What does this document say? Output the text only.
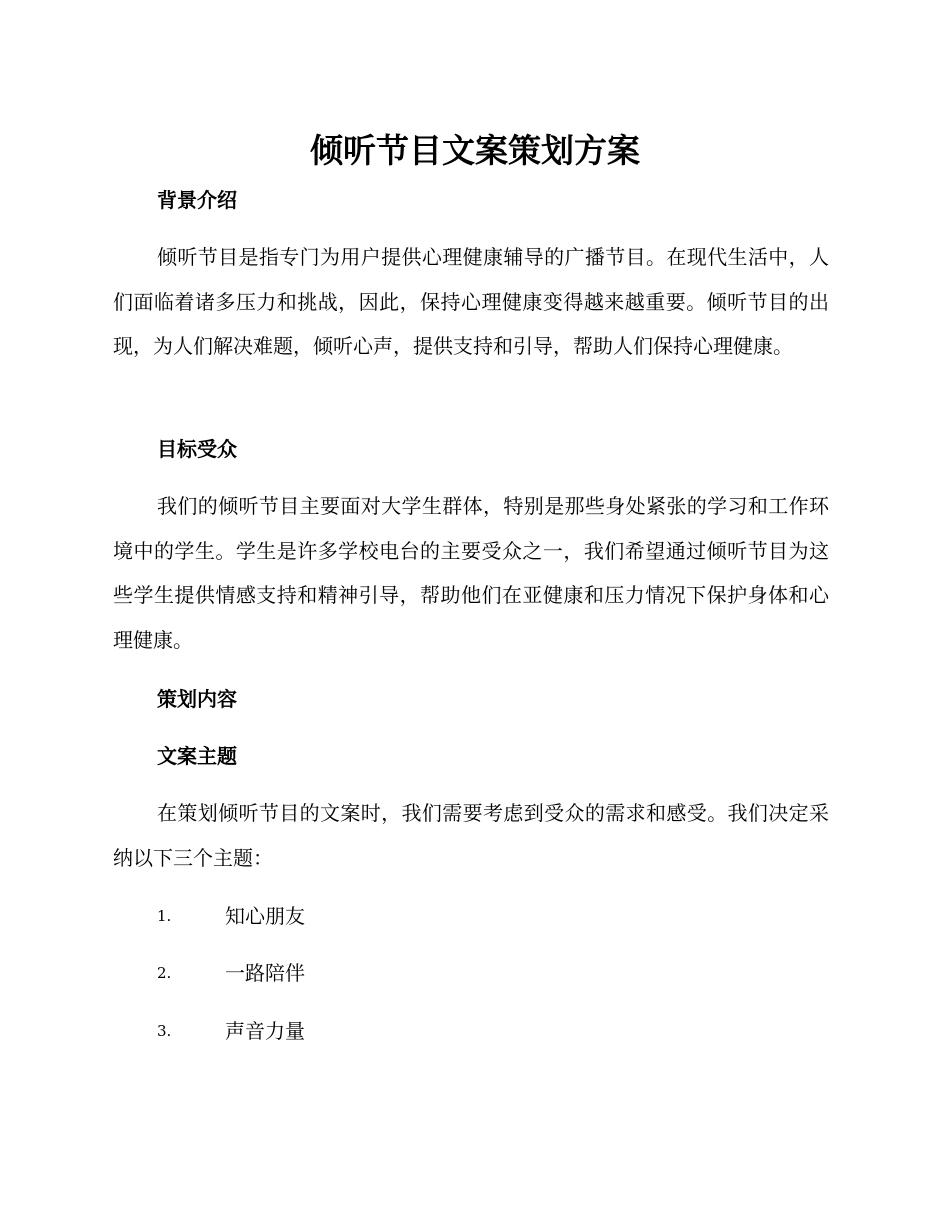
倾听节目文案策划方案
背景介绍

倾听节目是指专门为用户提供心理健康辅导的广播节目。在现代生活中，人们面临着诸多压力和挑战，因此，保持心理健康变得越来越重要。倾听节目的出现，为人们解决难题，倾听心声，提供支持和引导，帮助人们保持心理健康。

目标受众

我们的倾听节目主要面对大学生群体，特别是那些身处紧张的学习和工作环境中的学生。学生是许多学校电台的主要受众之一，我们希望通过倾听节目为这些学生提供情感支持和精神引导，帮助他们在亚健康和压力情况下保护身体和心理健康。

策划内容
文案主题

在策划倾听节目的文案时，我们需要考虑到受众的需求和感受。我们决定采纳以下三个主题：

1.	知心朋友
2.	一路陪伴
3.	声音力量
